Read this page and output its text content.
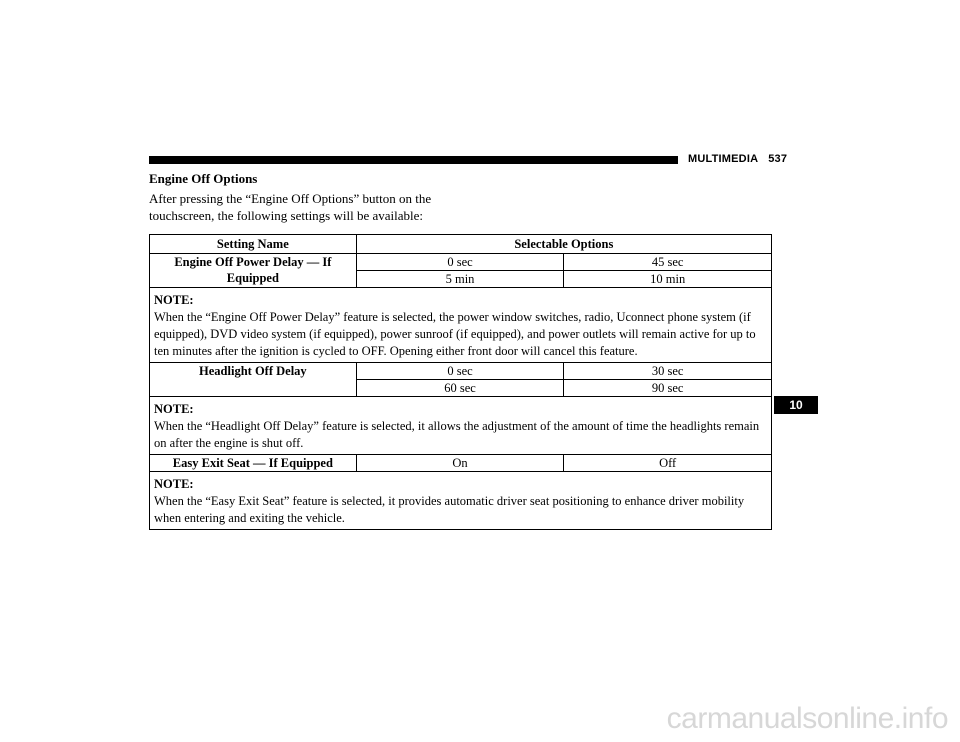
MULTIMEDIA 537
Engine Off Options
After pressing the “Engine Off Options” button on the touchscreen, the following settings will be available:
Setting Name	Selectable Options	
Engine Off Power Delay — If Equipped	0 sec	45 sec
	5 min	10 min

NOTE:
When the “Engine Off Power Delay” feature is selected, the power window switches, radio, Uconnect phone system (if equipped), DVD video system (if equipped), power sunroof (if equipped), and power outlets will remain active for up to ten minutes after the ignition is cycled to OFF. Opening either front door will cancel this feature.		
Headlight Off Delay	0 sec	30 sec
	60 sec	90 sec

NOTE:
When the “Headlight Off Delay” feature is selected, it allows the adjustment of the amount of time the headlights remain on after the engine is shut off.		
Easy Exit Seat — If Equipped	On	Off

NOTE:
When the “Easy Exit Seat” feature is selected, it provides automatic driver seat positioning to enhance driver mobility when entering and exiting the vehicle.		
10
carmanualsonline.info
